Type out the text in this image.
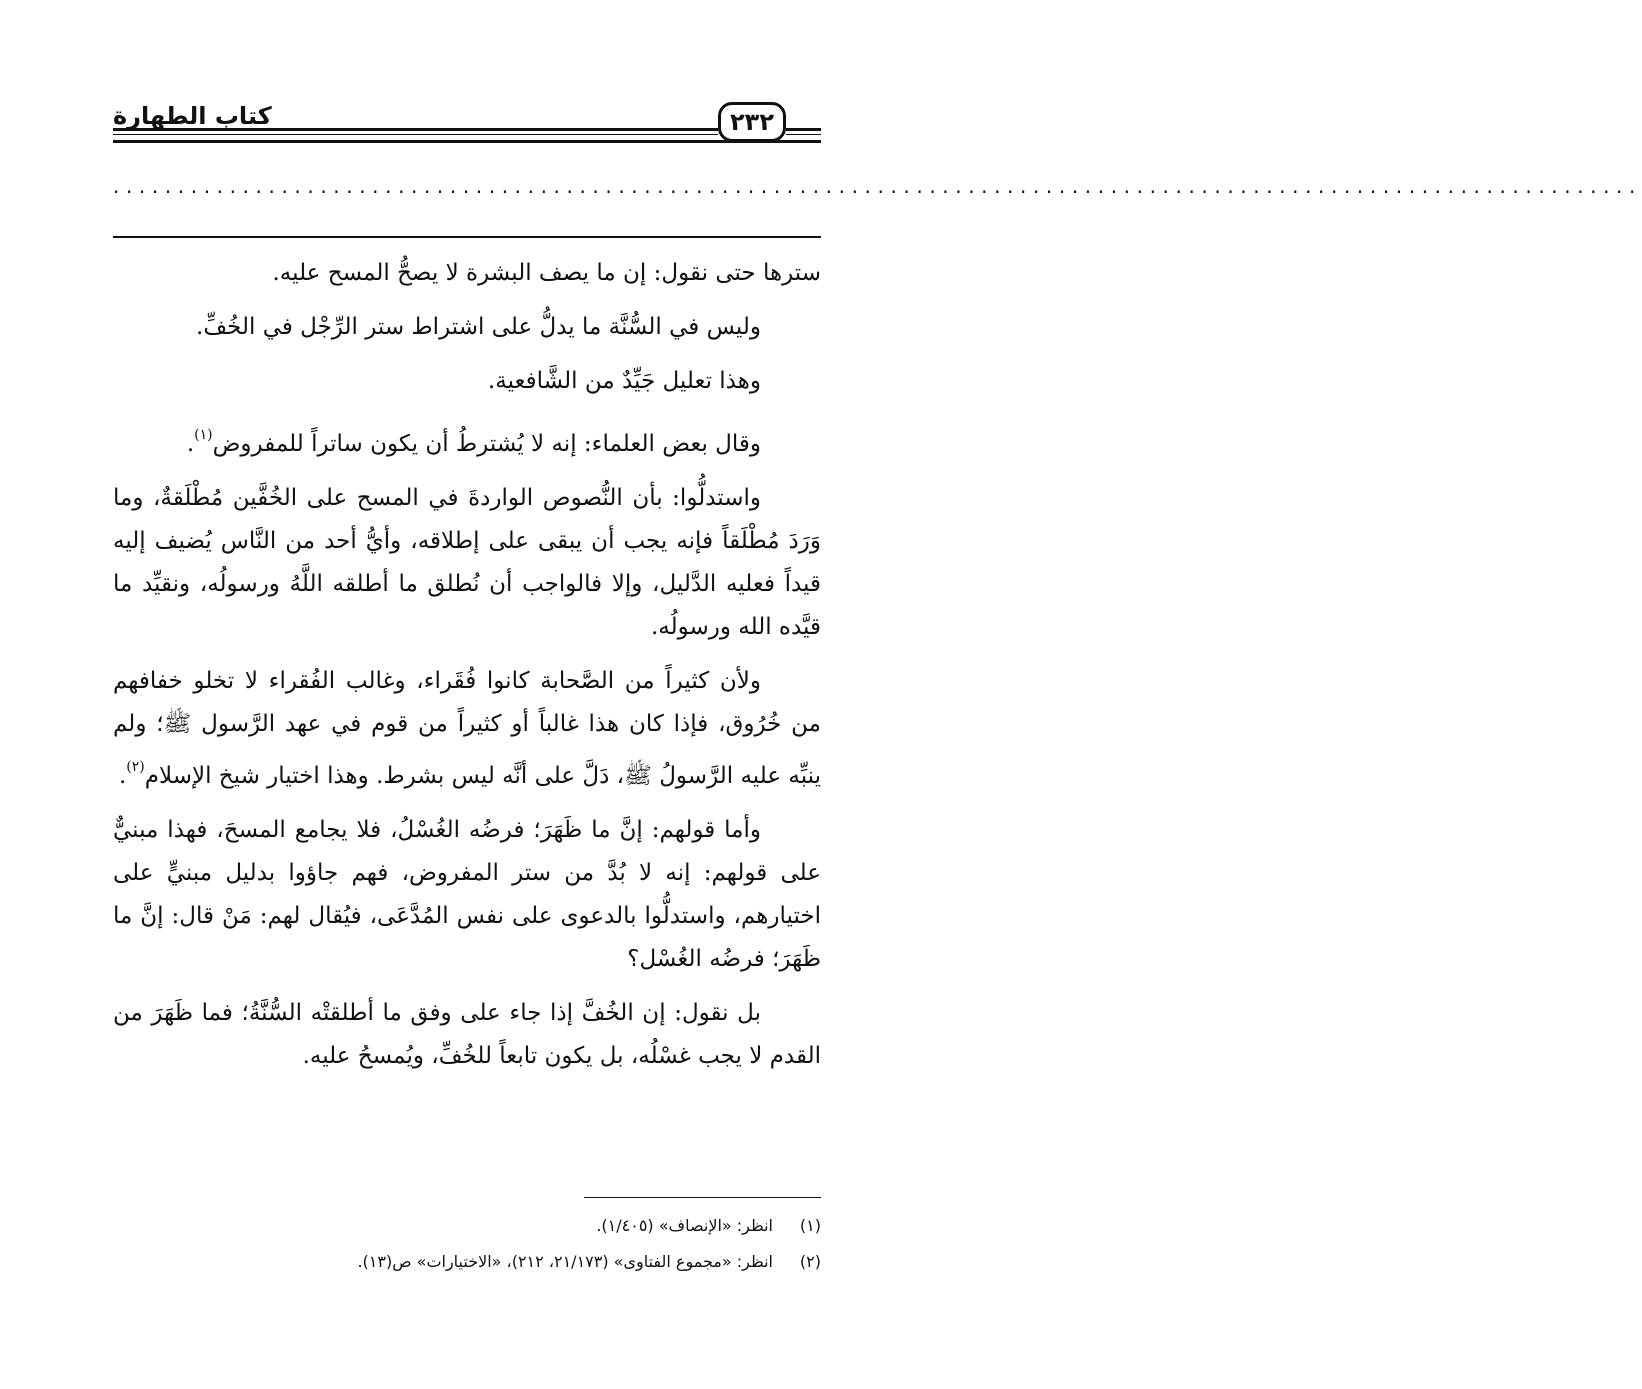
كتاب الطهارة	٢٣٢
......................................................................................................................

سترها حتى نقول: إن ما يصف البشرة لا يصحُّ المسح عليه.

وليس في السُّنَّة ما يدلُّ على اشتراط ستر الرِّجْل في الخُفِّ.

وهذا تعليل جَيِّدٌ من الشَّافعية.

وقال بعض العلماء: إنه لا يُشترطُ أن يكون ساتراً للمفروض$^{(١)}$.

واستدلُّوا: بأن النُّصوص الواردةَ في المسح على الخُفَّين مُطْلَقةٌ، وما وَرَدَ مُطْلَقاً فإنه يجب أن يبقى على إطلاقه، وأيُّ أحد من النَّاس يُضيف إليه قيداً فعليه الدَّليل، وإلا فالواجب أن نُطلق ما أطلقه اللَّهُ ورسولُه، ونقيِّد ما قيَّده الله ورسولُه.

ولأن كثيراً من الصَّحابة كانوا فُقَراء، وغالب الفُقراء لا تخلو خفافهم من خُرُوق، فإذا كان هذا غالباً أو كثيراً من قوم في عهد الرَّسول ﷺ؛ ولم ينبِّه عليه الرَّسولُ ﷺ، دَلَّ على أنَّه ليس بشرط. وهذا اختيار شيخ الإسلام$^{(٢)}$.

وأما قولهم: إنَّ ما ظَهَرَ؛ فرضُه الغُسْلُ، فلا يجامع المسحَ، فهذا مبنيٌّ على قولهم: إنه لا بُدَّ من ستر المفروض، فهم جاؤوا بدليل مبنيٍّ على اختيارهم، واستدلُّوا بالدعوى على نفس المُدَّعَى، فيُقال لهم: مَنْ قال: إنَّ ما ظَهَرَ؛ فرضُه الغُسْل؟

بل نقول: إن الخُفَّ إذا جاء على وفق ما أطلقتْه السُّنَّةُ؛ فما ظَهَرَ من القدم لا يجب غسْلُه، بل يكون تابعاً للخُفِّ، ويُمسحُ عليه.

(١)
انظر: «الإنصاف» (١/٤٠٥).
(٢)
انظر: «مجموع الفتاوى» (٢١/١٧٣، ٢١٢)، «الاختيارات» ص(١٣).
